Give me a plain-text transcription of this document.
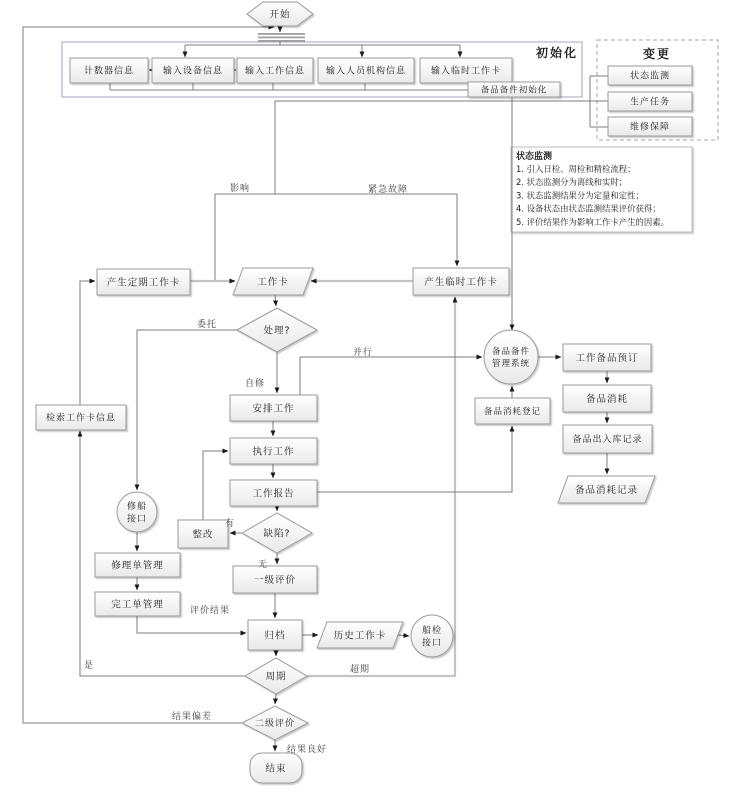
初始化	变更
状态监测
1. 引入日检、周检和精检流程；
2. 状态监测分为离线和实时；
3. 状态监测结果分为定量和定性；
4. 设备状态由状态监测结果评价获得；
5. 评价结果作为影响工作卡产生的因素。
开始
计数器信息	输入设备信息 输入工作信息 输入人员机构信息	输入临时工作卡
备品备件初始化
状态监测
生产任务
维修保障
产生定期工作卡	工作卡	产生临时工作卡
处理?
安排工作
执行工作
工作报告
整改	缺陷?
一级评价
归档	历史工作卡	船检
接口
周期
二级评价
结束
检索工作卡信息
修船
接口
修理单管理
完工单管理
备品备件
管理系统
工作备品预订
备品消耗
备品出入库记录
备品消耗记录
备品消耗登记
影响	紧急故障
委托
自修
并行
有
无
评价结果
是	超期
结果偏差
结果良好
